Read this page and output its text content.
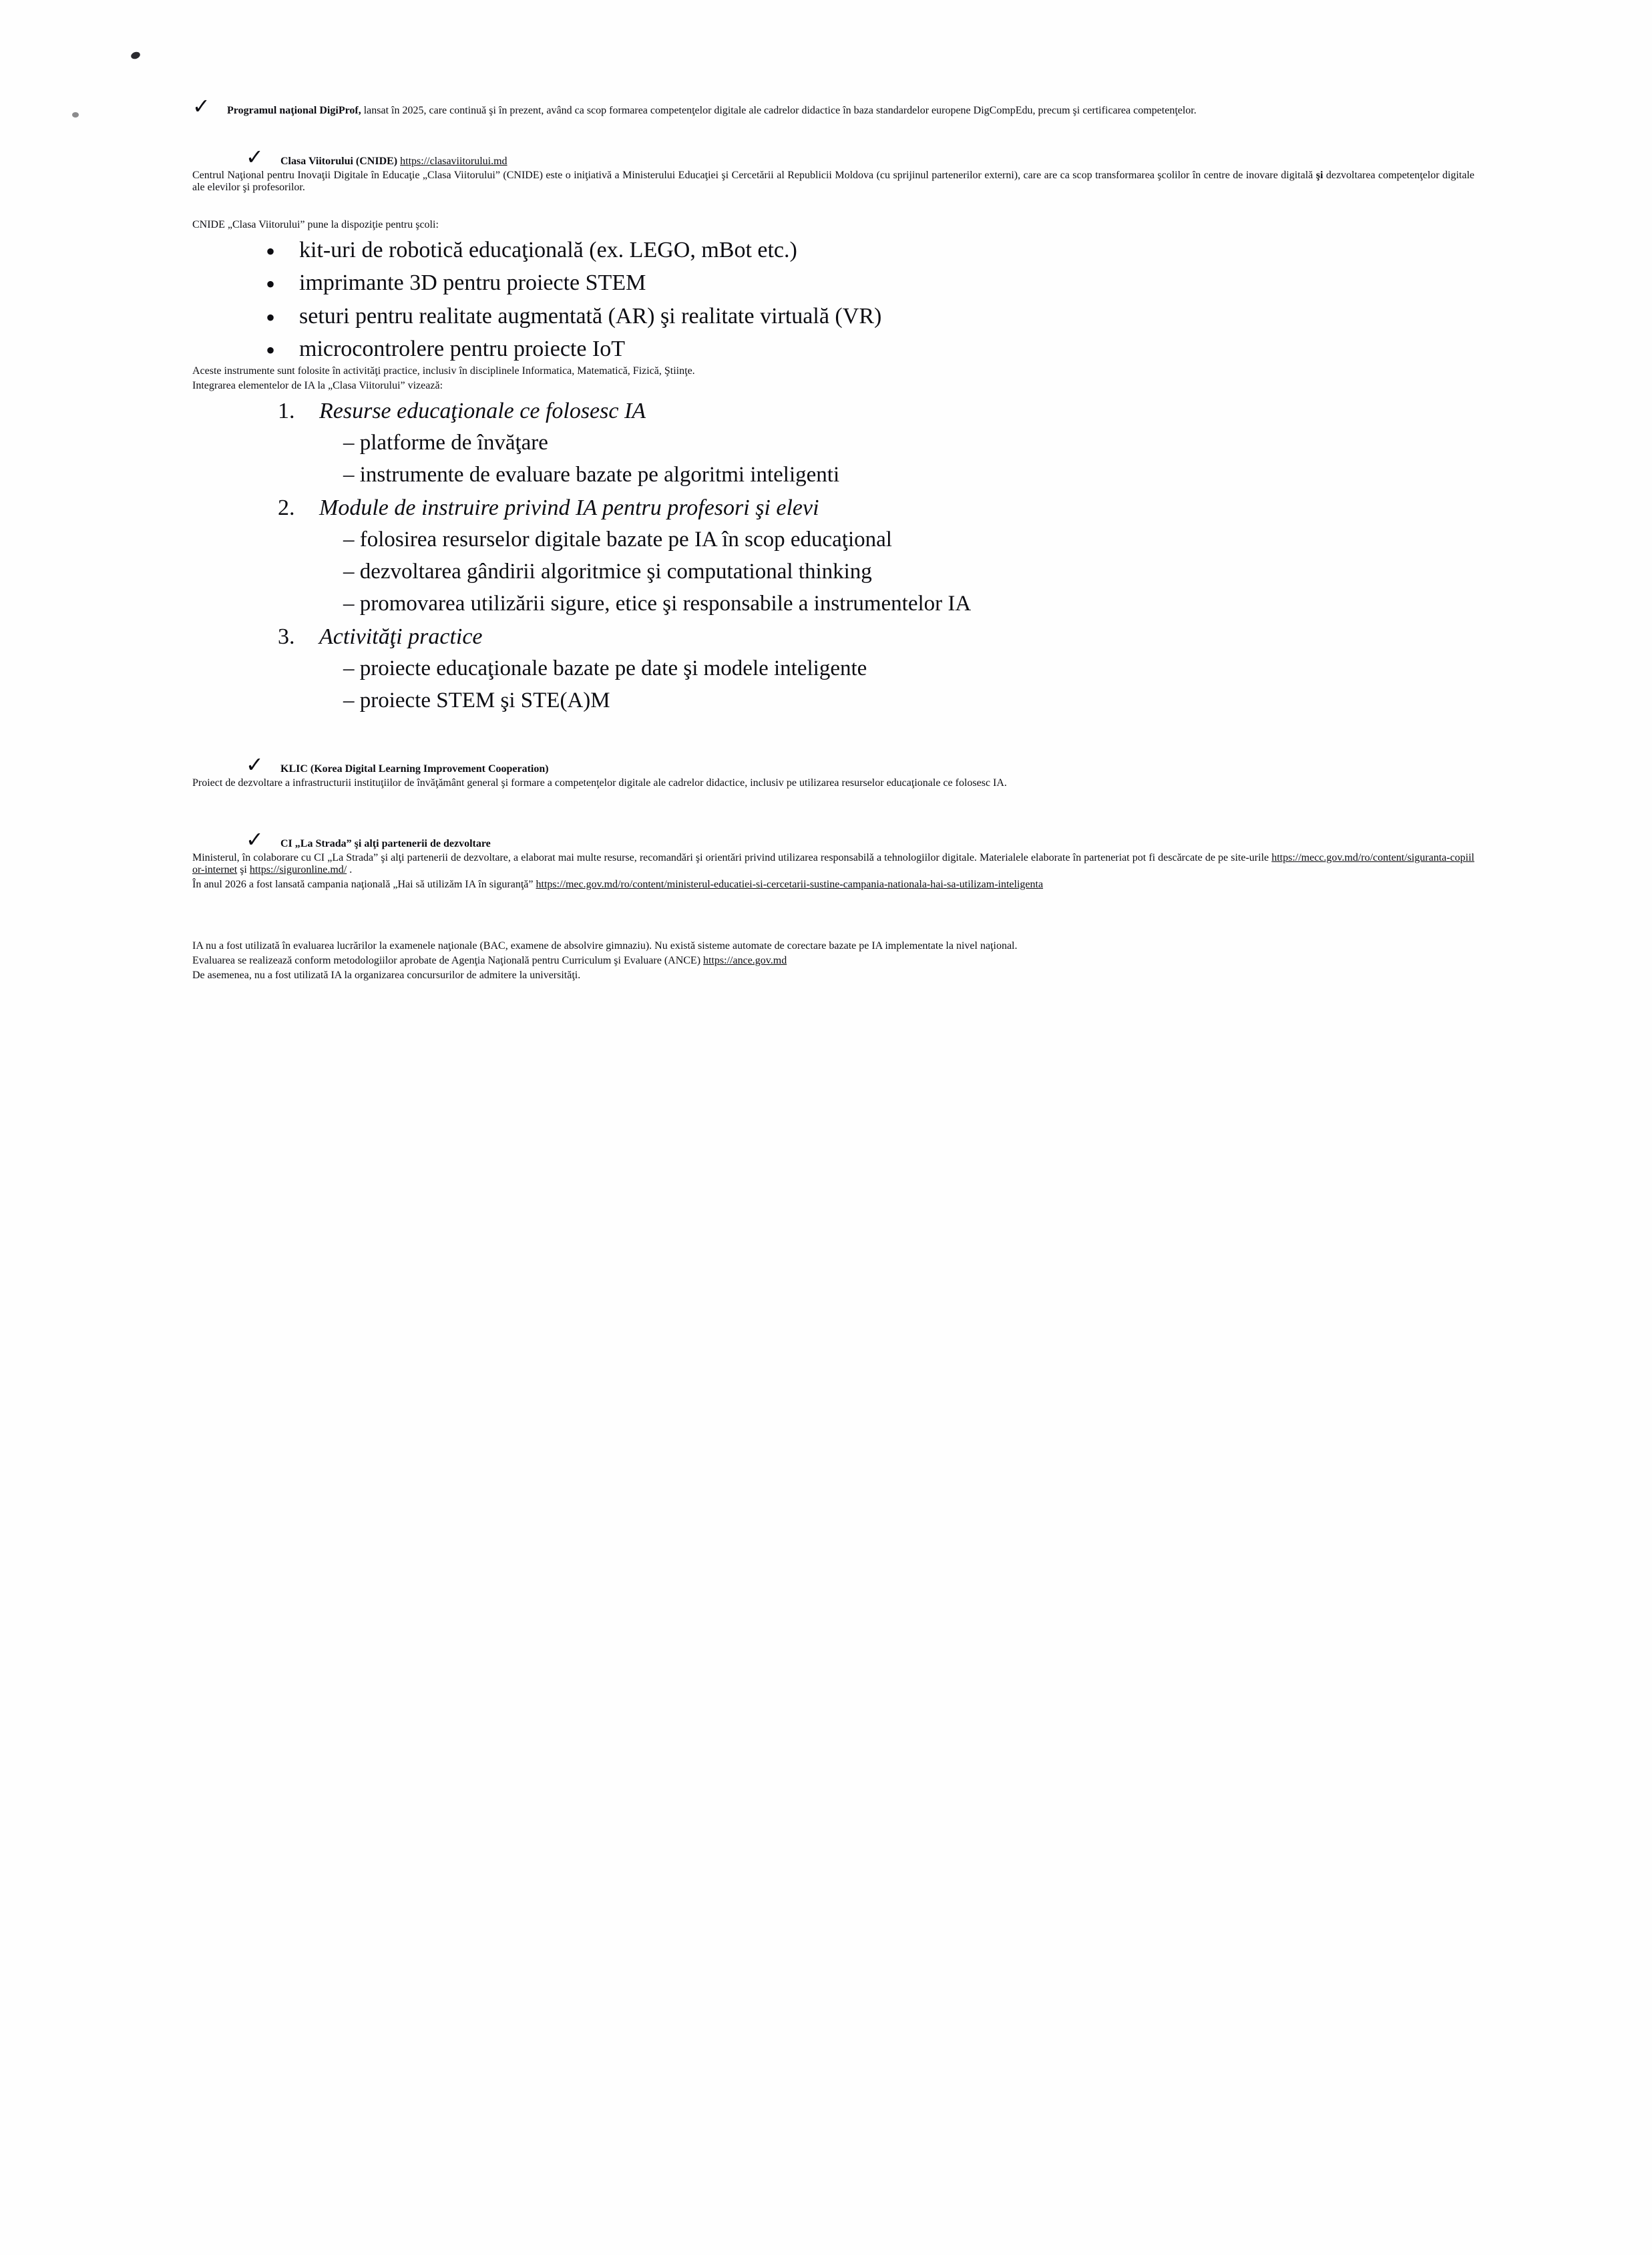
✓ Programul naţional DigiProf, lansat în 2025, care continuă şi în prezent, având ca scop formarea competenţelor digitale ale cadrelor didactice în baza standardelor europene DigCompEdu, precum şi certificarea competenţelor.
✓	Clasa Viitorului (CNIDE) https://clasaviitorului.md
Centrul Naţional pentru Inovaţii Digitale în Educaţie „Clasa Viitorului” (CNIDE) este o iniţiativă a Ministerului Educaţiei şi Cercetării al Republicii Moldova (cu sprijinul partenerilor externi), care are ca scop transformarea şcolilor în centre de inovare digitală şi dezvoltarea competenţelor digitale ale elevilor şi profesorilor.
CNIDE „Clasa Viitorului” pune la dispoziţie pentru şcoli:
• kit-uri de robotică educaţională (ex. LEGO, mBot etc.)
• imprimante 3D pentru proiecte STEM
• seturi pentru realitate augmentată (AR) şi realitate virtuală (VR)
• microcontrolere pentru proiecte IoT
Aceste instrumente sunt folosite în activităţi practice, inclusiv în disciplinele Informatica, Matematică, Fizică, Ştiinţe.
Integrarea elementelor de IA la „Clasa Viitorului” vizează:
Resurse educaţionale ce folosesc IA
– platforme de învăţare
– instrumente de evaluare bazate pe algoritmi inteligenti
Module de instruire privind IA pentru profesori şi elevi
– folosirea resurselor digitale bazate pe IA în scop educaţional
– dezvoltarea gândirii algoritmice şi computational thinking
– promovarea utilizării sigure, etice şi responsabile a instrumentelor IA
Activităţi practice
– proiecte educaţionale bazate pe date şi modele inteligente
– proiecte STEM şi STE(A)M
✓	KLIC (Korea Digital Learning Improvement Cooperation)
Proiect de dezvoltare a infrastructurii instituţiilor de învăţământ general şi formare a competenţelor digitale ale cadrelor didactice, inclusiv pe utilizarea resurselor educaţionale ce folosesc IA.
✓	CI „La Strada” şi alţi partenerii de dezvoltare
Ministerul, în colaborare cu CI „La Strada” şi alţi partenerii de dezvoltare, a elaborat mai multe resurse, recomandări şi orientări privind utilizarea responsabilă a tehnologiilor digitale. Materialele elaborate în parteneriat pot fi descărcate de pe site-urile https://mecc.gov.md/ro/content/siguranta-copiilor-internet şi https://siguronline.md/ .
În anul 2026 a fost lansată campania naţională „Hai să utilizăm IA în siguranţă” https://mec.gov.md/ro/content/ministerul-educatiei-si-cercetarii-sustine-campania-nationala-hai-sa-utilizam-inteligenta
IA nu a fost utilizată în evaluarea lucrărilor la examenele naţionale (BAC, examene de absolvire gimnaziu). Nu există sisteme automate de corectare bazate pe IA implementate la nivel naţional.
Evaluarea se realizează conform metodologiilor aprobate de Agenţia Naţională pentru Curriculum şi Evaluare (ANCE) https://ance.gov.md
De asemenea, nu a fost utilizată IA la organizarea concursurilor de admitere la universităţi.
